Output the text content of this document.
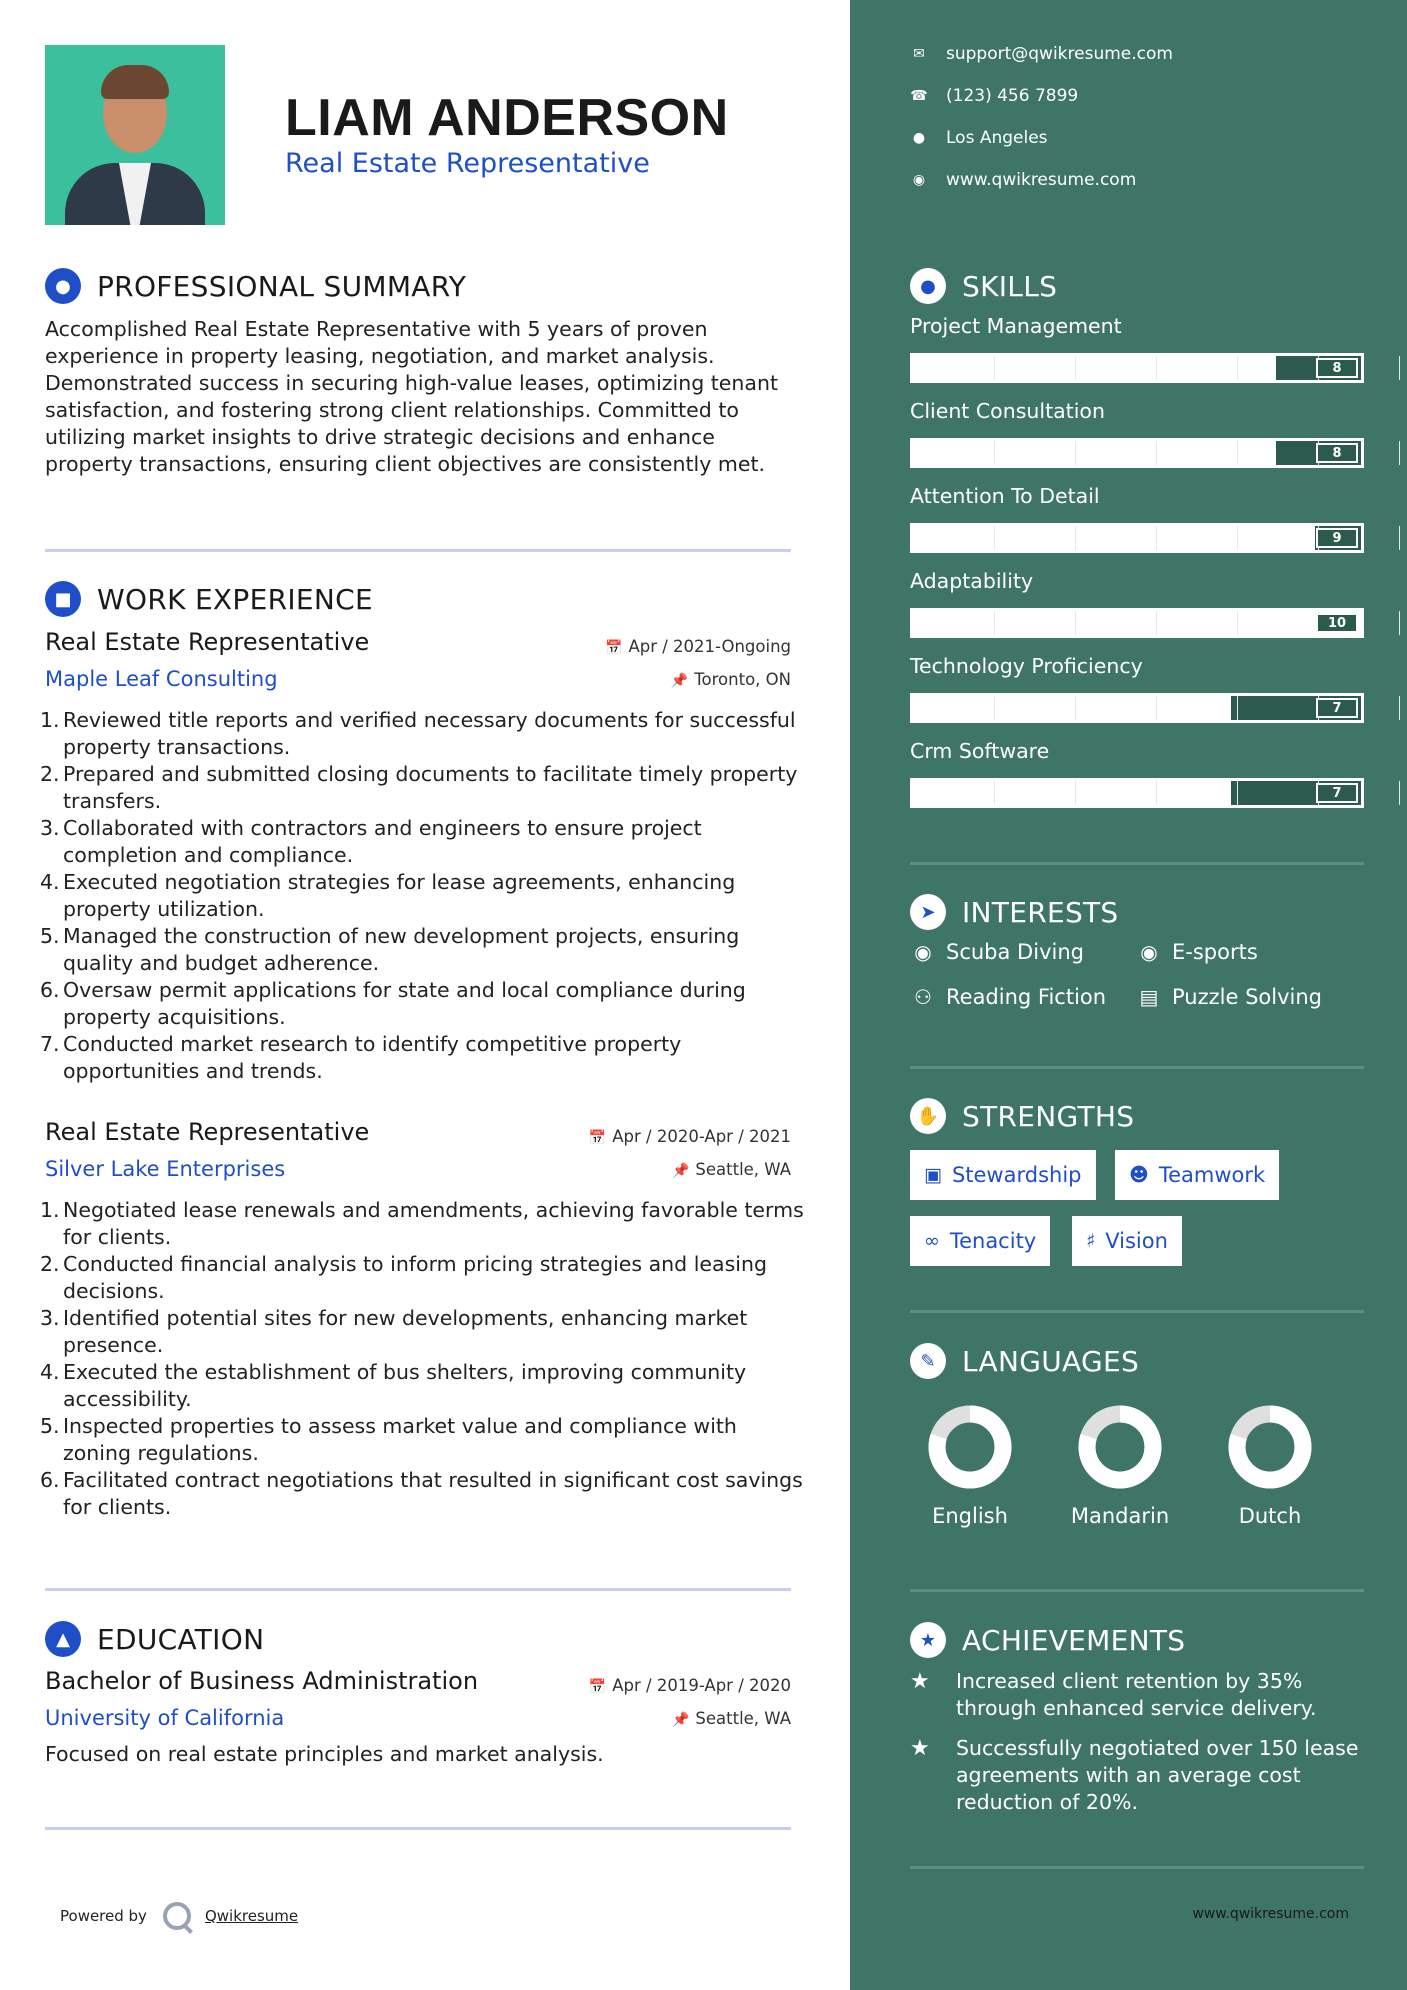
LIAM ANDERSON
Real Estate Representative
● PROFESSIONAL SUMMARY
Accomplished Real Estate Representative with 5 years of proven experience in property leasing, negotiation, and market analysis. Demonstrated success in securing high-value leases, optimizing tenant satisfaction, and fostering strong client relationships. Committed to utilizing market insights to drive strategic decisions and enhance property transactions, ensuring client objectives are consistently met.
■ WORK EXPERIENCE
Real Estate Representative
Maple Leaf Consulting
📅 Apr / 2021-Ongoing
📌 Toronto, ON
1. Reviewed title reports and verified necessary documents for successful property transactions.
2. Prepared and submitted closing documents to facilitate timely property transfers.
3. Collaborated with contractors and engineers to ensure project completion and compliance.
4. Executed negotiation strategies for lease agreements, enhancing property utilization.
5. Managed the construction of new development projects, ensuring quality and budget adherence.
6. Oversaw permit applications for state and local compliance during property acquisitions.
7. Conducted market research to identify competitive property opportunities and trends.
Real Estate Representative
Silver Lake Enterprises
📅 Apr / 2020-Apr / 2021
📌 Seattle, WA
1. Negotiated lease renewals and amendments, achieving favorable terms for clients.
2. Conducted financial analysis to inform pricing strategies and leasing decisions.
3. Identified potential sites for new developments, enhancing market presence.
4. Executed the establishment of bus shelters, improving community accessibility.
5. Inspected properties to assess market value and compliance with zoning regulations.
6. Facilitated contract negotiations that resulted in significant cost savings for clients.
▲ EDUCATION
Bachelor of Business Administration
University of California
📅 Apr / 2019-Apr / 2020
📌 Seattle, WA
Focused on real estate principles and market analysis.
Powered by	Qwikresume
✉ support@qwikresume.com
☎ (123) 456 7899
● Los Angeles
◉ www.qwikresume.com
● SKILLS
Project Management
8
Client Consultation
8
Attention To Detail
9
Adaptability
10
Technology Proficiency
7
Crm Software
7
➤ INTERESTS
◉ Scuba Diving	◉ E-sports
⚇ Reading Fiction ▤ Puzzle Solving
✋ STRENGTHS
▣ Stewardship	☻ Teamwork
∞ Tenacity	♯ Vision
✎ LANGUAGES
English	Mandarin	Dutch
★ ACHIEVEMENTS
★	Increased client retention by 35% through enhanced service delivery.
★	Successfully negotiated over 150 lease agreements with an average cost reduction of 20%.
www.qwikresume.com
